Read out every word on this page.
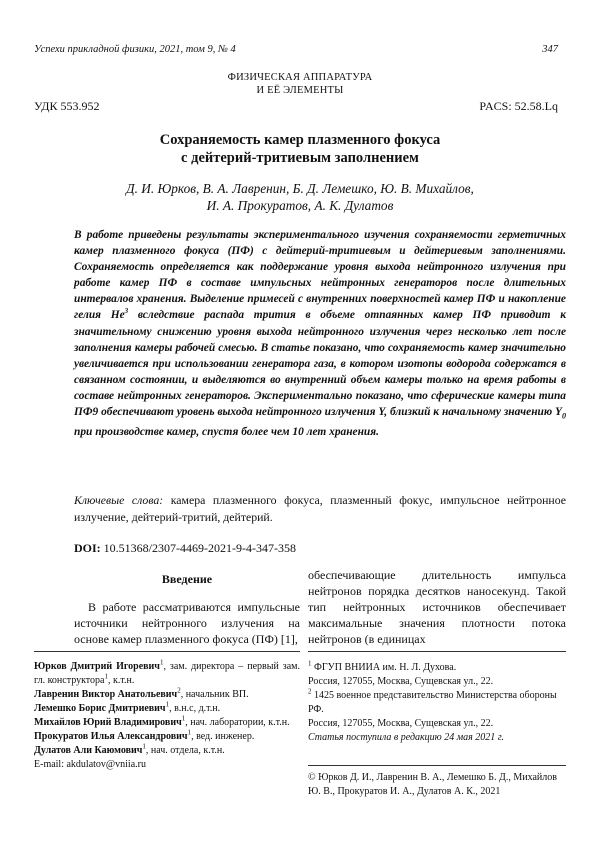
Успехи прикладной физики, 2021, том 9, № 4	347
ФИЗИЧЕСКАЯ АППАРАТУРА
И ЕЁ ЭЛЕМЕНТЫ
УДК 553.952	PACS: 52.58.Lq
Сохраняемость камер плазменного фокуса
с дейтерий-тритиевым заполнением
Д. И. Юрков, В. А. Лавренин, Б. Д. Лемешко, Ю. В. Михайлов,
И. А. Прокуратов, А. К. Дулатов
В работе приведены результаты экспериментального изучения сохраняемости герметичных камер плазменного фокуса (ПФ) с дейтерий-тритиевым и дейтериевым заполнениями. Сохраняемость определяется как поддержание уровня выхода нейтронного излучения при работе камер ПФ в составе импульсных нейтронных генераторов после длительных интервалов хранения. Выделение примесей с внутренних поверхностей камер ПФ и накопление гелия He$^3$ вследствие распада трития в объеме отпаянных камер ПФ приводит к значительному снижению уровня выхода нейтронного излучения через несколько лет после заполнения камеры рабочей смесью. В статье показано, что сохраняемость камер значительно увеличивается при использовании генератора газа, в котором изотопы водорода содержатся в связанном состоянии, и выделяются во внутренний объем камеры только на время работы в составе нейтронных генераторов. Экспериментально показано, что сферические камеры типа ПФ9 обеспечивают уровень выхода нейтронного излучения Y, близкий к начальному значению $Y_0$ при производстве камер, спустя более чем 10 лет хранения.
Ключевые слова: камера плазменного фокуса, плазменный фокус, импульсное нейтронное излучение, дейтерий-тритий, дейтерий.
DOI: 10.51368/2307-4469-2021-9-4-347-358
Введение
В работе рассматриваются импульсные источники нейтронного излучения на основе камер плазменного фокуса (ПФ) [1],
обеспечивающие длительность импульса нейтронов порядка десятков наносекунд. Такой тип нейтронных источников обеспечивает максимальные значения плотности потока нейтронов (в единицах

Юрков Дмитрий Игоревич$^1$, зам. директора – первый зам. гл. конструктора$^1$, к.т.н.

Лавренин Виктор Анатольевич$^2$, начальник ВП.

Лемешко Борис Дмитриевич$^1$, в.н.с, д.т.н.

Михайлов Юрий Владимирович$^1$, нач. лаборатории, к.т.н.

Прокуратов Илья Александрович$^1$, вед. инженер.

Дулатов Али Каюмович$^1$, нач. отдела, к.т.н.

E-mail: akdulatov@vniia.ru

$^1$ ФГУП ВНИИА им. Н. Л. Духова.

Россия, 127055, Москва, Сущевская ул., 22.

$^2$ 1425 военное представительство Министерства обороны РФ.

Россия, 127055, Москва, Сущевская ул., 22.

Статья поступила в редакцию 24 мая 2021 г.

© Юрков Д. И., Лавренин В. А., Лемешко Б. Д., Михайлов Ю. В., Прокуратов И. А., Дулатов А. К., 2021
